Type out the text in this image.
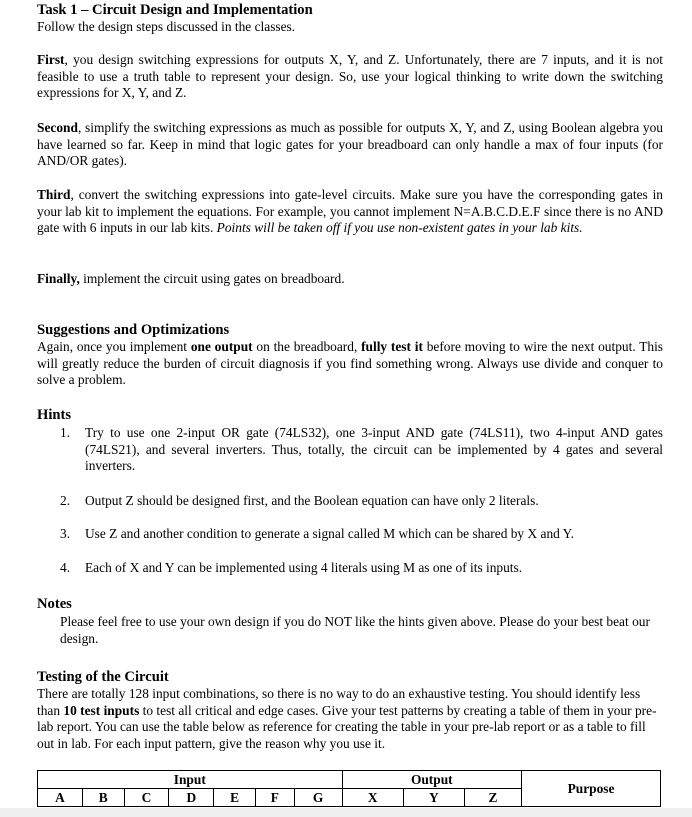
Task 1 – Circuit Design and Implementation

Follow the design steps discussed in the classes.

First, you design switching expressions for outputs X, Y, and Z. Unfortunately, there are 7 inputs, and it is not feasible to use a truth table to represent your design. So, use your logical thinking to write down the switching expressions for X, Y, and Z.

Second, simplify the switching expressions as much as possible for outputs X, Y, and Z, using Boolean algebra you have learned so far. Keep in mind that logic gates for your breadboard can only handle a max of four inputs (for AND/OR gates).

Third, convert the switching expressions into gate-level circuits. Make sure you have the corresponding gates in your lab kit to implement the equations. For example, you cannot implement N=A.B.C.D.E.F since there is no AND gate with 6 inputs in our lab kits. Points will be taken off if you use non-existent gates in your lab kits.

Finally, implement the circuit using gates on breadboard.

Suggestions and Optimizations

Again, once you implement one output on the breadboard, fully test it before moving to wire the next output. This will greatly reduce the burden of circuit diagnosis if you find something wrong. Always use divide and conquer to solve a problem.

Hints
1.	Try to use one 2-input OR gate (74LS32), one 3-input AND gate (74LS11), two 4-input AND gates (74LS21), and several inverters. Thus, totally, the circuit can be implemented by 4 gates and several inverters.
2.	Output Z should be designed first, and the Boolean equation can have only 2 literals.
3.	Use Z and another condition to generate a signal called M which can be shared by X and Y.
4.	Each of X and Y can be implemented using 4 literals using M as one of its inputs.
Notes

Please feel free to use your own design if you do NOT like the hints given above. Please do your best beat our design.

Testing of the Circuit

There are totally 128 input combinations, so there is no way to do an exhaustive testing. You should identify less than 10 test inputs to test all critical and edge cases. Give your test patterns by creating a table of them in your pre-lab report. You can use the table below as reference for creating the table in your pre-lab report or as a table to fill out in lab. For each input pattern, give the reason why you use it.

Input							Output			Purpose
A	B	C	D	E	F	G	X	Y	Z	
